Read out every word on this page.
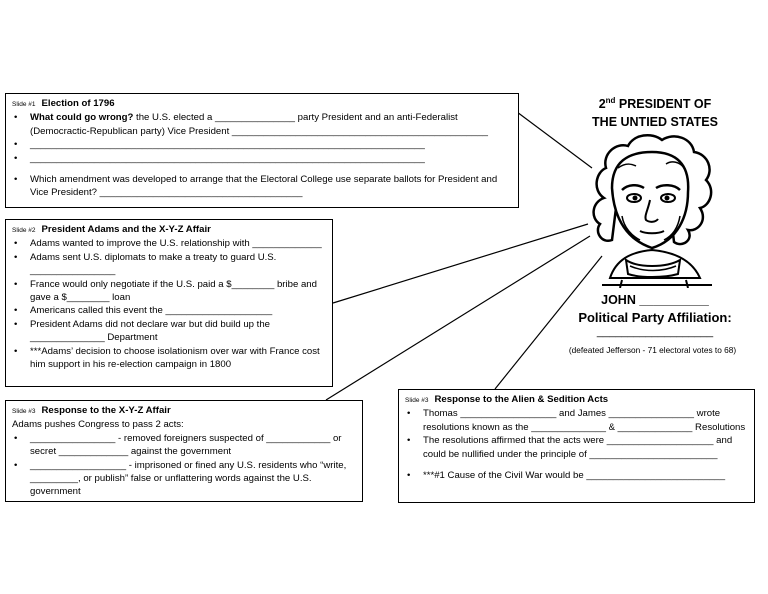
Slide #1 Election of 1796
• What could go wrong? the U.S. elected a _______________ party President and an anti-Federalist (Democractic-Republican party) Vice President ________________________________________________
• __________________________________________________________________________
• __________________________________________________________________________
• Which amendment was developed to arrange that the Electoral College use separate ballots for President and Vice President? ______________________________________
Slide #2 President Adams and the X-Y-Z Affair
• Adams wanted to improve the U.S. relationship with _____________
• Adams sent U.S. diplomats to make a treaty to guard U.S. ________________
• France would only negotiate if the U.S. paid a $________ bribe and gave a $________ loan
• Americans called this event the ____________________
• President Adams did not declare war but did build up the ______________ Department
• ***Adams’ decision to choose isolationism over war with France cost him support in his re-election campaign in 1800
Slide #3 Response to the X-Y-Z Affair
Adams pushes Congress to pass 2 acts:
• ________________ - removed foreigners suspected of ____________ or secret _____________ against the government
• __________________ - imprisoned or fined any U.S. residents who “write, _________, or publish” false or unflattering words against the U.S. government
Slide #3 Response to the Alien & Sedition Acts
• Thomas __________________ and James ________________ wrote resolutions known as the ______________ & ______________ Resolutions
• The resolutions affirmed that the acts were ____________________ and could be nullified under the principle of ________________________
• ***#1 Cause of the Civil War would be __________________________
2nd PRESIDENT OF
THE UNTIED STATES
JOHN __________
Political Party Affiliation:
___________________
(defeated Jefferson - 71 electoral votes to 68)
